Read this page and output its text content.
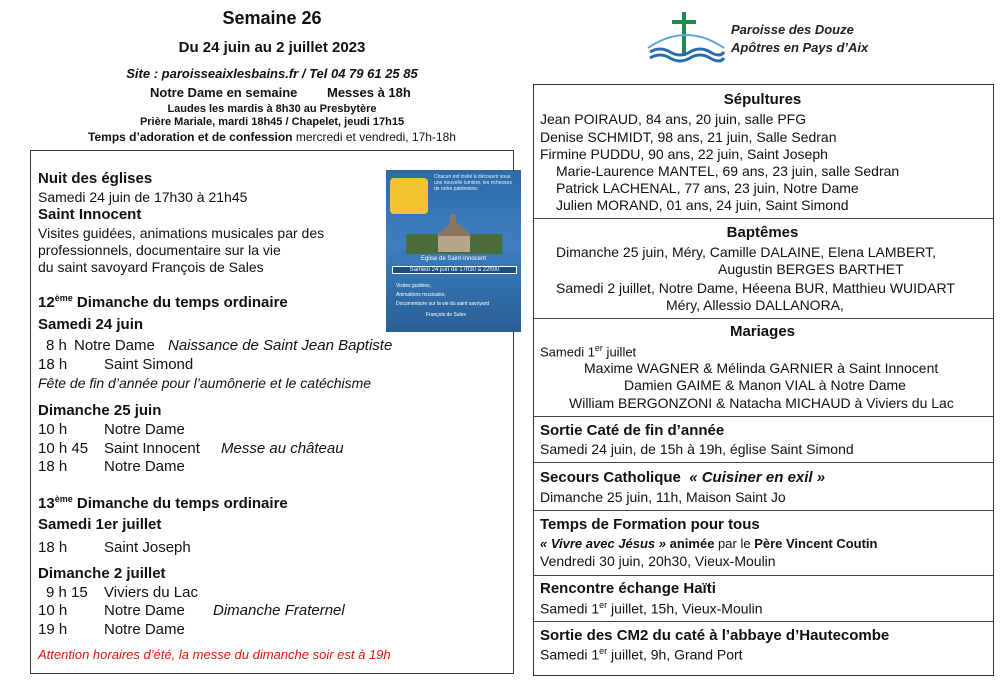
Semaine 26
Du 24 juin au 2 juillet 2023
Site : paroisseaixlesbains.fr / Tel 04 79 61 25 85
Notre Dame en semaine Messes à 18h
Laudes les mardis à 8h30 au Presbytère
Prière Mariale, mardi 18h45 / Chapelet, jeudi 17h15
Temps d’adoration et de confession mercredi et vendredi, 17h-18h
Paroisse des Douze
Apôtres en Pays d’Aix
Nuit des églises
Samedi 24 juin de 17h30 à 21h45
Saint Innocent
Visites guidées, animations musicales par des
professionnels, documentaire sur la vie
du saint savoyard François de Sales
Chacun est invité à découvrir sous une nouvelle lumière, les richesses de notre patrimoine.
Eglise de Saint-Innocent
Samedi 24 juin de 17h30 à 22h00
Visites guidées,
Animations musicales,
Documentaire sur la vie du saint savoyard
François de Sales
12ème Dimanche du temps ordinaire
Samedi 24 juin
8 h Notre Dame Naissance de Saint Jean Baptiste
18 h Saint Simond
Fête de fin d’année pour l’aumônerie et le catéchisme
Dimanche 25 juin
10 h Notre Dame
10 h 45 Saint Innocent Messe au château
18 h Notre Dame
13ème Dimanche du temps ordinaire
Samedi 1er juillet
18 h Saint Joseph
Dimanche 2 juillet
9 h 15 Viviers du Lac
10 h Notre Dame Dimanche Fraternel
19 h Notre Dame
Attention horaires d’été, la messe du dimanche soir est à 19h
Sépultures
Jean POIRAUD, 84 ans, 20 juin, salle PFG
Denise SCHMIDT, 98 ans, 21 juin, Salle Sedran
Firmine PUDDU, 90 ans, 22 juin, Saint Joseph
Marie-Laurence MANTEL, 69 ans, 23 juin, salle Sedran
Patrick LACHENAL, 77 ans, 23 juin, Notre Dame
Julien MORAND, 01 ans, 24 juin, Saint Simond
Baptêmes
Dimanche 25 juin, Méry, Camille DALAINE, Elena LAMBERT,
Augustin BERGES BARTHET
Samedi 2 juillet, Notre Dame, Héeena BUR, Matthieu WUIDART
Méry, Allessio DALLANORA,
Mariages
Samedi 1er juillet
Maxime WAGNER & Mélinda GARNIER à Saint Innocent
Damien GAIME & Manon VIAL à Notre Dame
William BERGONZONI & Natacha MICHAUD à Viviers du Lac
Sortie Caté de fin d’année
Samedi 24 juin, de 15h à 19h, église Saint Simond
Secours Catholique « Cuisiner en exil »
Dimanche 25 juin, 11h, Maison Saint Jo
Temps de Formation pour tous
« Vivre avec Jésus » animée par le Père Vincent Coutin
Vendredi 30 juin, 20h30, Vieux-Moulin
Rencontre échange Haïti
Samedi 1er juillet, 15h, Vieux-Moulin
Sortie des CM2 du caté à l’abbaye d’Hautecombe
Samedi 1er juillet, 9h, Grand Port
